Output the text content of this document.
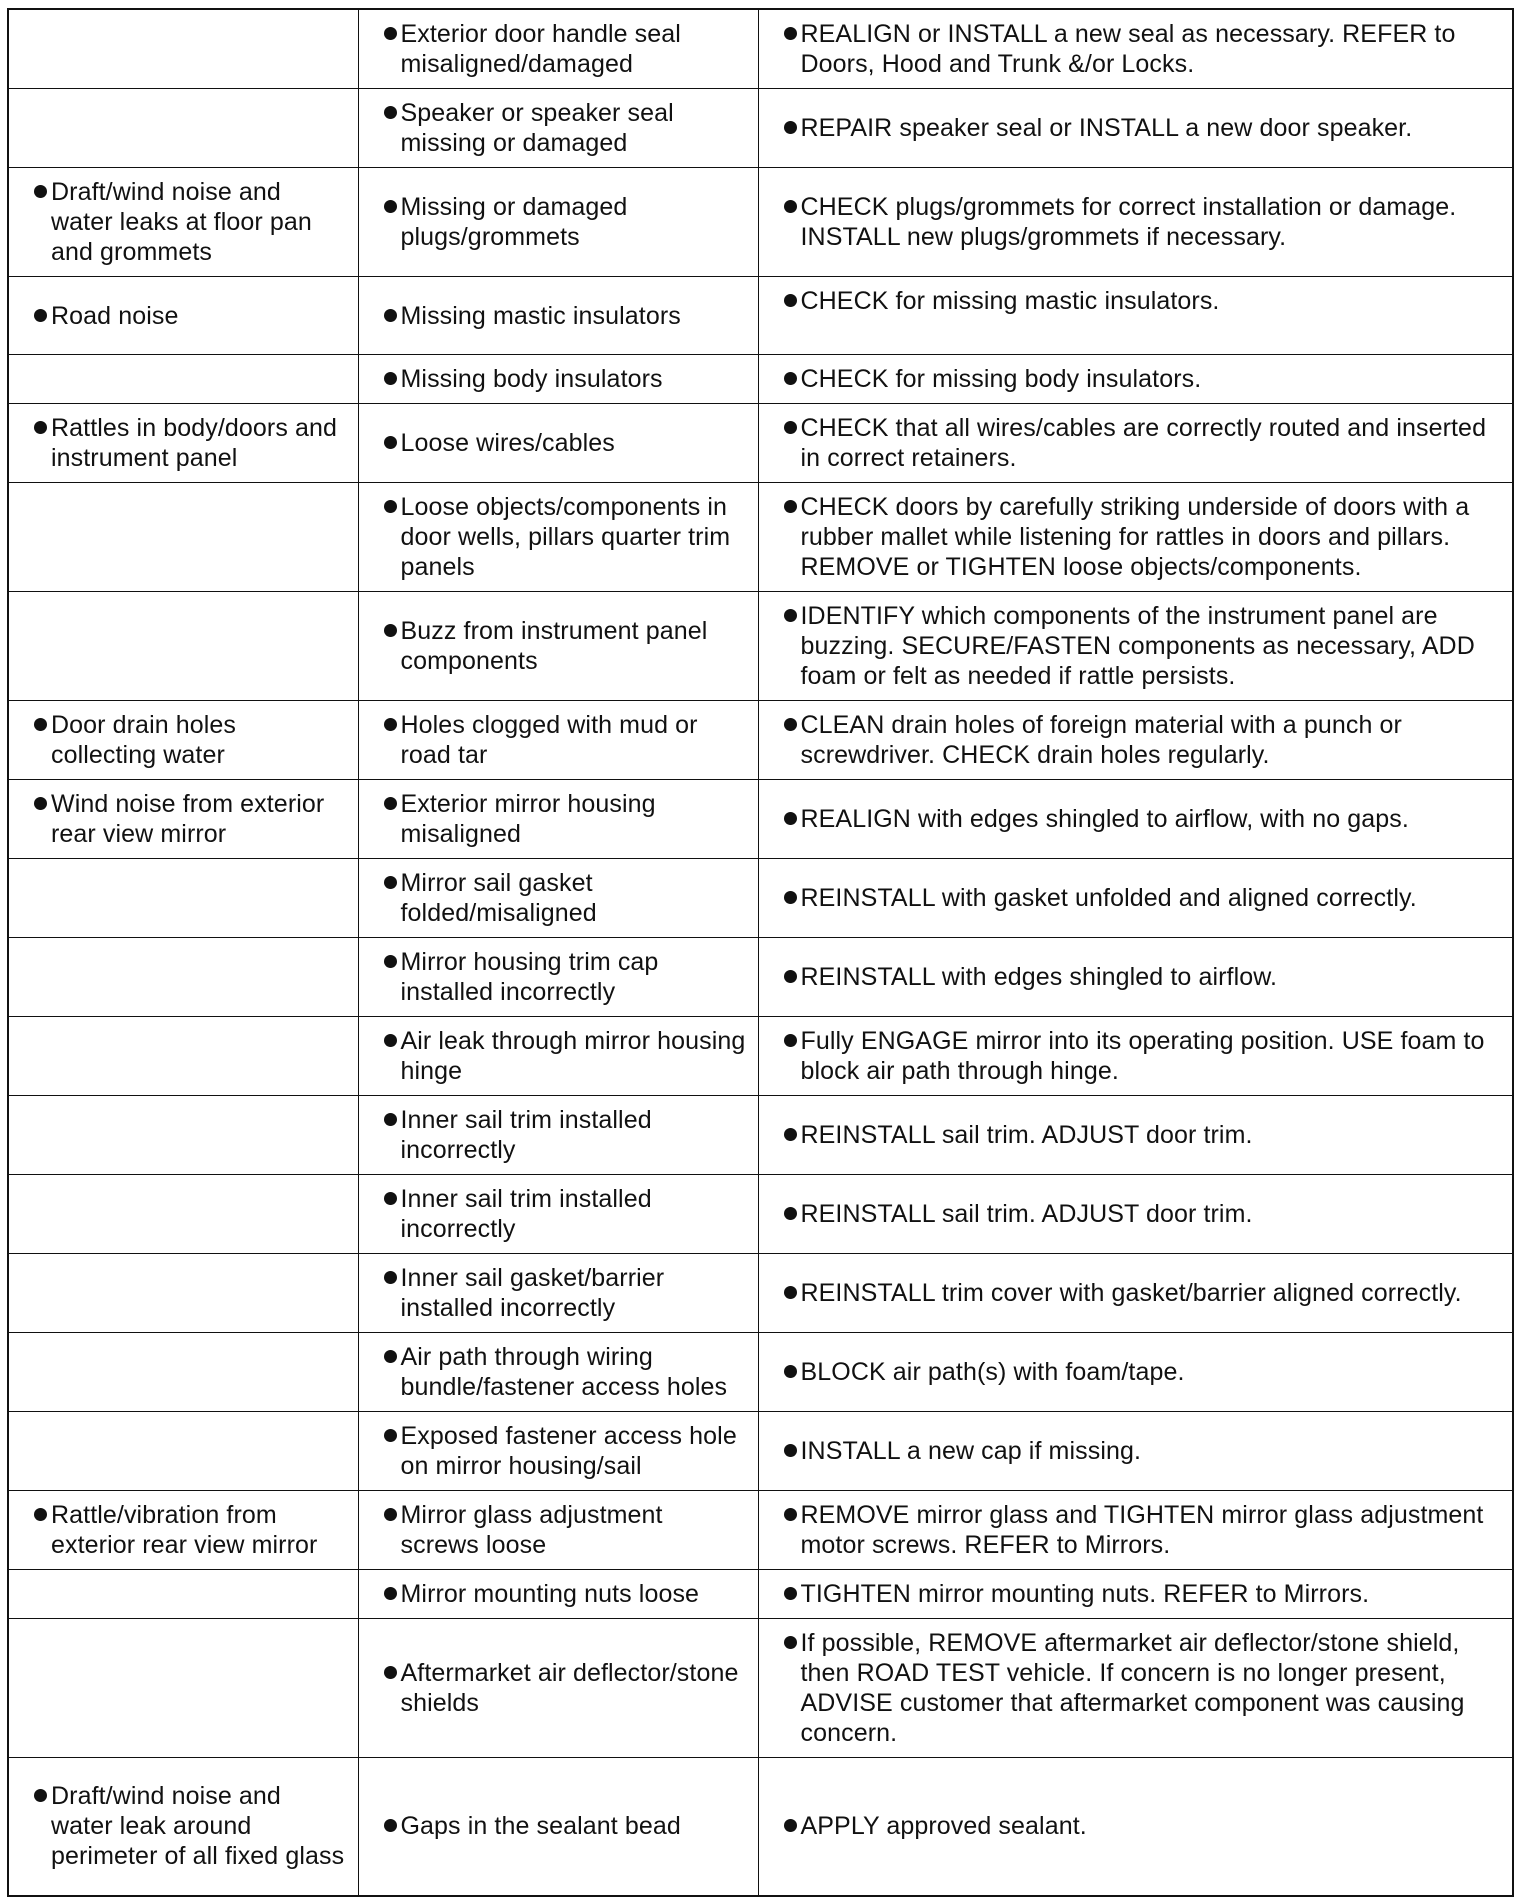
	Exterior door handle seal misaligned/damaged	REALIGN or INSTALL a new seal as necessary. REFER to Doors, Hood and Trunk &/or Locks.

	Speaker or speaker seal missing or damaged	REPAIR speaker seal or INSTALL a new door speaker.

Draft/wind noise and water leaks at floor pan and grommets	Missing or damaged plugs/grommets	CHECK plugs/grommets for correct installation or damage. INSTALL new plugs/grommets if necessary.

Road noise	Missing mastic insulators	CHECK for missing mastic insulators.

	Missing body insulators	CHECK for missing body insulators.

Rattles in body/doors and instrument panel	Loose wires/cables	CHECK that all wires/cables are correctly routed and inserted in correct retainers.

	Loose objects/components in door wells, pillars quarter trim panels	CHECK doors by carefully striking underside of doors with a rubber mallet while listening for rattles in doors and pillars. REMOVE or TIGHTEN loose objects/components.

	Buzz from instrument panel components	IDENTIFY which components of the instrument panel are buzzing. SECURE/FASTEN components as necessary, ADD foam or felt as needed if rattle persists.

Door drain holes collecting water	Holes clogged with mud or road tar	CLEAN drain holes of foreign material with a punch or screwdriver. CHECK drain holes regularly.

Wind noise from exterior rear view mirror	Exterior mirror housing misaligned	REALIGN with edges shingled to airflow, with no gaps.

	Mirror sail gasket folded/misaligned	REINSTALL with gasket unfolded and aligned correctly.

	Mirror housing trim cap installed incorrectly	REINSTALL with edges shingled to airflow.

	Air leak through mirror housing hinge	Fully ENGAGE mirror into its operating position. USE foam to block air path through hinge.

	Inner sail trim installed incorrectly	REINSTALL sail trim. ADJUST door trim.

	Inner sail trim installed incorrectly	REINSTALL sail trim. ADJUST door trim.

	Inner sail gasket/barrier installed incorrectly	REINSTALL trim cover with gasket/barrier aligned correctly.

	Air path through wiring bundle/fastener access holes	BLOCK air path(s) with foam/tape.

	Exposed fastener access hole on mirror housing/sail	INSTALL a new cap if missing.

Rattle/vibration from exterior rear view mirror	Mirror glass adjustment screws loose	REMOVE mirror glass and TIGHTEN mirror glass adjustment motor screws. REFER to Mirrors.

	Mirror mounting nuts loose	TIGHTEN mirror mounting nuts. REFER to Mirrors.

	Aftermarket air deflector/stone shields	If possible, REMOVE aftermarket air deflector/stone shield, then ROAD TEST vehicle. If concern is no longer present, ADVISE customer that aftermarket component was causing concern.

Draft/wind noise and water leak around perimeter of all fixed glass	Gaps in the sealant bead	APPLY approved sealant.
